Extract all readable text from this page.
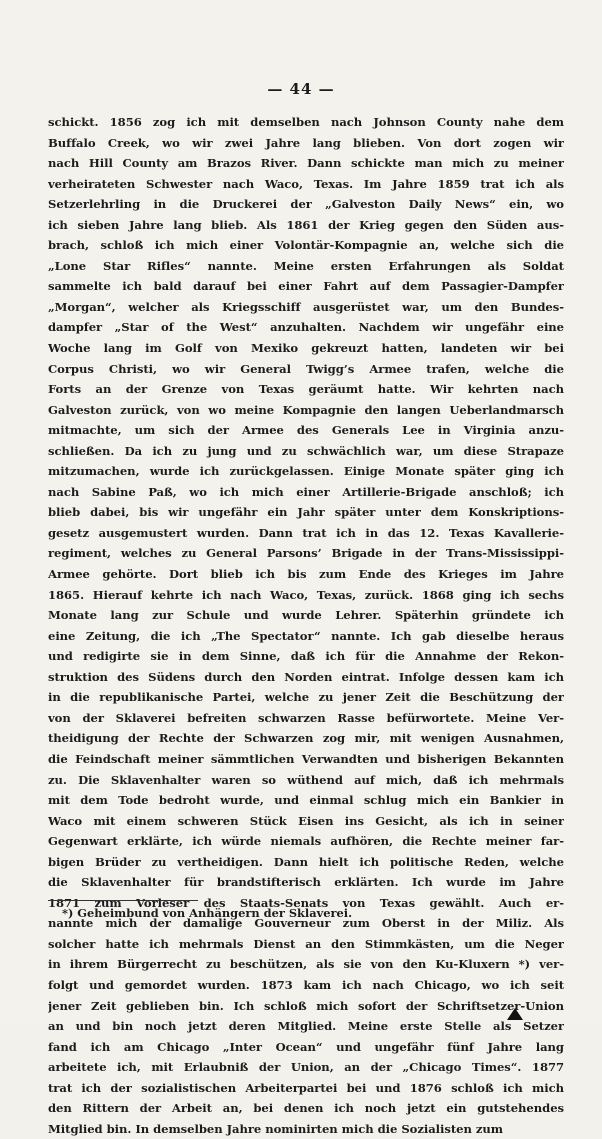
— 44 —
schickt. 1856 zog ich mit demselben nach Johnson County nahe dem
Buffalo Creek, wo wir zwei Jahre lang blieben. Von dort zogen wir
nach Hill County am Brazos River. Dann schickte man mich zu meiner
verheirateten Schwester nach Waco, Texas. Im Jahre 1859 trat ich als
Setzerlehrling in die Druckerei der „Galveston Daily News“ ein, wo
ich sieben Jahre lang blieb. Als 1861 der Krieg gegen den Süden aus-
brach, schloß ich mich einer Volontär-Kompagnie an, welche sich die
„Lone Star Rifles“ nannte. Meine ersten Erfahrungen als Soldat
sammelte ich bald darauf bei einer Fahrt auf dem Passagier-Dampfer
„Morgan“, welcher als Kriegsschiff ausgerüstet war, um den Bundes-
dampfer „Star of the West“ anzuhalten. Nachdem wir ungefähr eine
Woche lang im Golf von Mexiko gekreuzt hatten, landeten wir bei
Corpus Christi, wo wir General Twigg’s Armee trafen, welche die
Forts an der Grenze von Texas geräumt hatte. Wir kehrten nach
Galveston zurück, von wo meine Kompagnie den langen Ueberlandmarsch
mitmachte, um sich der Armee des Generals Lee in Virginia anzu-
schließen. Da ich zu jung und zu schwächlich war, um diese Strapaze
mitzumachen, wurde ich zurückgelassen. Einige Monate später ging ich
nach Sabine Paß, wo ich mich einer Artillerie-Brigade anschloß; ich
blieb dabei, bis wir ungefähr ein Jahr später unter dem Konskriptions-
gesetz ausgemustert wurden. Dann trat ich in das 12. Texas Kavallerie-
regiment, welches zu General Parsons’ Brigade in der Trans-Mississippi-
Armee gehörte. Dort blieb ich bis zum Ende des Krieges im Jahre
1865. Hierauf kehrte ich nach Waco, Texas, zurück. 1868 ging ich sechs
Monate lang zur Schule und wurde Lehrer. Späterhin gründete ich
eine Zeitung, die ich „The Spectator“ nannte. Ich gab dieselbe heraus
und redigirte sie in dem Sinne, daß ich für die Annahme der Rekon-
struktion des Südens durch den Norden eintrat. Infolge dessen kam ich
in die republikanische Partei, welche zu jener Zeit die Beschützung der
von der Sklaverei befreiten schwarzen Rasse befürwortete. Meine Ver-
theidigung der Rechte der Schwarzen zog mir, mit wenigen Ausnahmen,
die Feindschaft meiner sämmtlichen Verwandten und bisherigen Bekannten
zu. Die Sklavenhalter waren so wüthend auf mich, daß ich mehrmals
mit dem Tode bedroht wurde, und einmal schlug mich ein Bankier in
Waco mit einem schweren Stück Eisen ins Gesicht, als ich in seiner
Gegenwart erklärte, ich würde niemals aufhören, die Rechte meiner far-
bigen Brüder zu vertheidigen. Dann hielt ich politische Reden, welche
die Sklavenhalter für brandstifterisch erklärten. Ich wurde im Jahre
1871 zum Vorleser des Staats-Senats von Texas gewählt. Auch er-
nannte mich der damalige Gouverneur zum Oberst in der Miliz. Als
solcher hatte ich mehrmals Dienst an den Stimmkästen, um die Neger
in ihrem Bürgerrecht zu beschützen, als sie von den Ku-Kluxern *) ver-
folgt und gemordet wurden. 1873 kam ich nach Chicago, wo ich seit
jener Zeit geblieben bin. Ich schloß mich sofort der Schriftsetzer-Union
an und bin noch jetzt deren Mitglied. Meine erste Stelle als Setzer
fand ich am Chicago „Inter Ocean“ und ungefähr fünf Jahre lang
arbeitete ich, mit Erlaubniß der Union, an der „Chicago Times“. 1877
trat ich der sozialistischen Arbeiterpartei bei und 1876 schloß ich mich
den Rittern der Arbeit an, bei denen ich noch jetzt ein gutstehendes
Mitglied bin. In demselben Jahre nominirten mich die Sozialisten zum
*) Geheimbund von Anhängern der Sklaverei.
